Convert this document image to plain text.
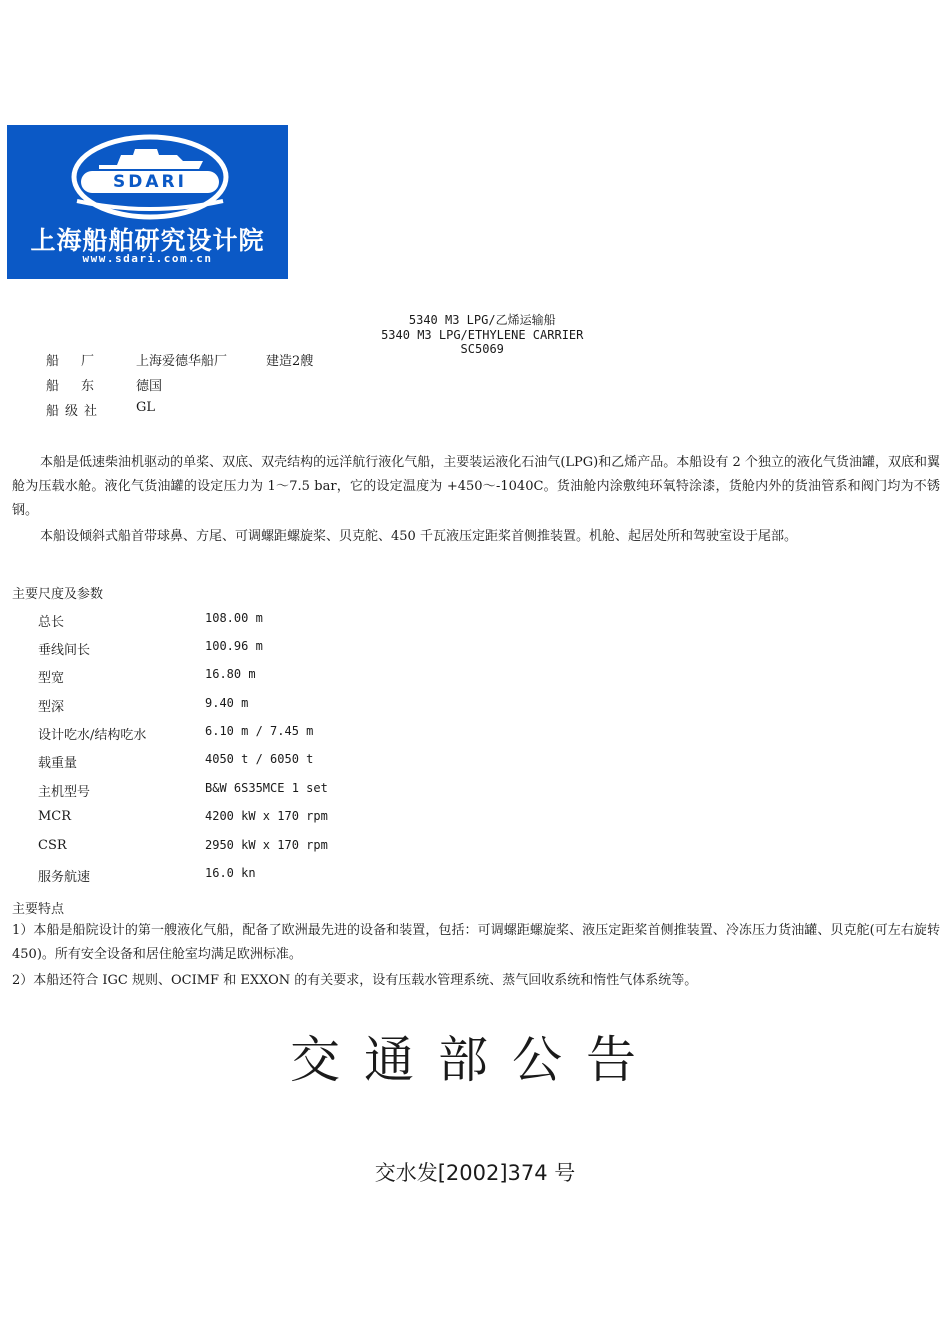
SDARI
上海船舶研究设计院
www.sdari.com.cn

5340 M3 LPG/乙烯运输船
5340 M3 LPG/ETHYLENE CARRIER
SC5069

船厂	上海爱德华船厂	建造2艘
船东	德国
船级社	GL
本船是低速柴油机驱动的单桨、双底、双壳结构的远洋航行液化气船，主要装运液化石油气(LPG)和乙烯产品。本船设有 2 个独立的液化气货油罐，双底和翼舱为压载水舱。液化气货油罐的设定压力为 1～7.5 bar，它的设定温度为 +450～-1040C。货油舱内涂敷纯环氧特涂漆，货舱内外的货油管系和阀门均为不锈钢。
本船设倾斜式船首带球鼻、方尾、可调螺距螺旋桨、贝克舵、450 千瓦液压定距桨首侧推装置。机舱、起居处所和驾驶室设于尾部。
主要尺度及参数
总长	108.00 m
垂线间长	100.96 m
型宽	16.80 m
型深	9.40 m
设计吃水/结构吃水	6.10 m / 7.45 m
载重量	4050 t / 6050 t
主机型号	B&W 6S35MCE 1 set
MCR	4200 kW x 170 rpm
CSR	2950 kW x 170 rpm
服务航速	16.0 kn
主要特点
1）本船是船院设计的第一艘液化气船，配备了欧洲最先进的设备和装置，包括：可调螺距螺旋桨、液压定距桨首侧推装置、冷冻压力货油罐、贝克舵(可左右旋转 450)。所有安全设备和居住舱室均满足欧洲标准。
2）本船还符合 IGC 规则、OCIMF 和 EXXON 的有关要求，设有压载水管理系统、蒸气回收系统和惰性气体系统等。
交通部公告
交水发[2002]374 号
